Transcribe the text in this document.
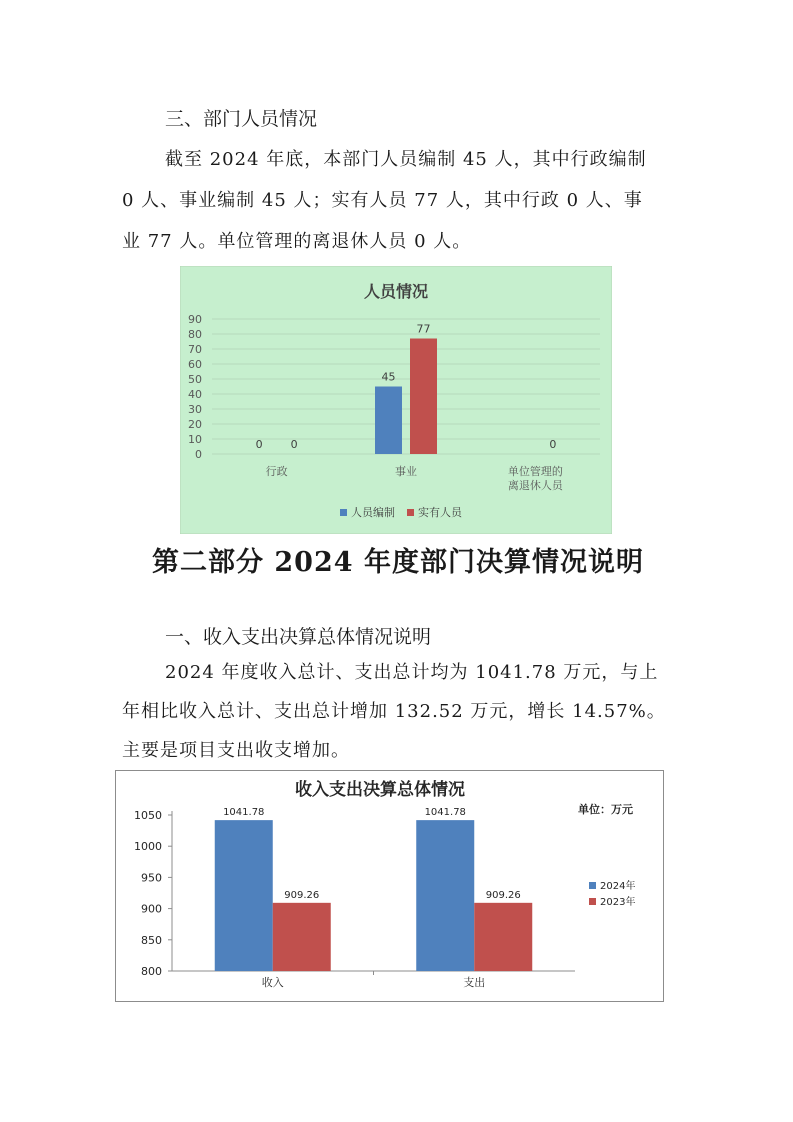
三、部门人员情况
截至 2024 年底，本部门人员编制 45 人，其中行政编制
0 人、事业编制 45 人；实有人员 77 人，其中行政 0 人、事
业 77 人。单位管理的离退休人员 0 人。
人员情况
0
10
20
30
40
50
60
70
80
90
0	0
行政
45
77
事业
0
单位管理的
离退休人员
人员编制 实有人员
第二部分 2024 年度部门决算情况说明
一、收入支出决算总体情况说明
2024 年度收入总计、支出总计均为 1041.78 万元，与上
年相比收入总计、支出总计增加 132.52 万元，增长 14.57%。
主要是项目支出收支增加。
收入支出决算总体情况
单位：万元
800
850
900
950
1000
1050	1041.78
909.26
收入
1041.78
909.26
支出
2024年
2023年
